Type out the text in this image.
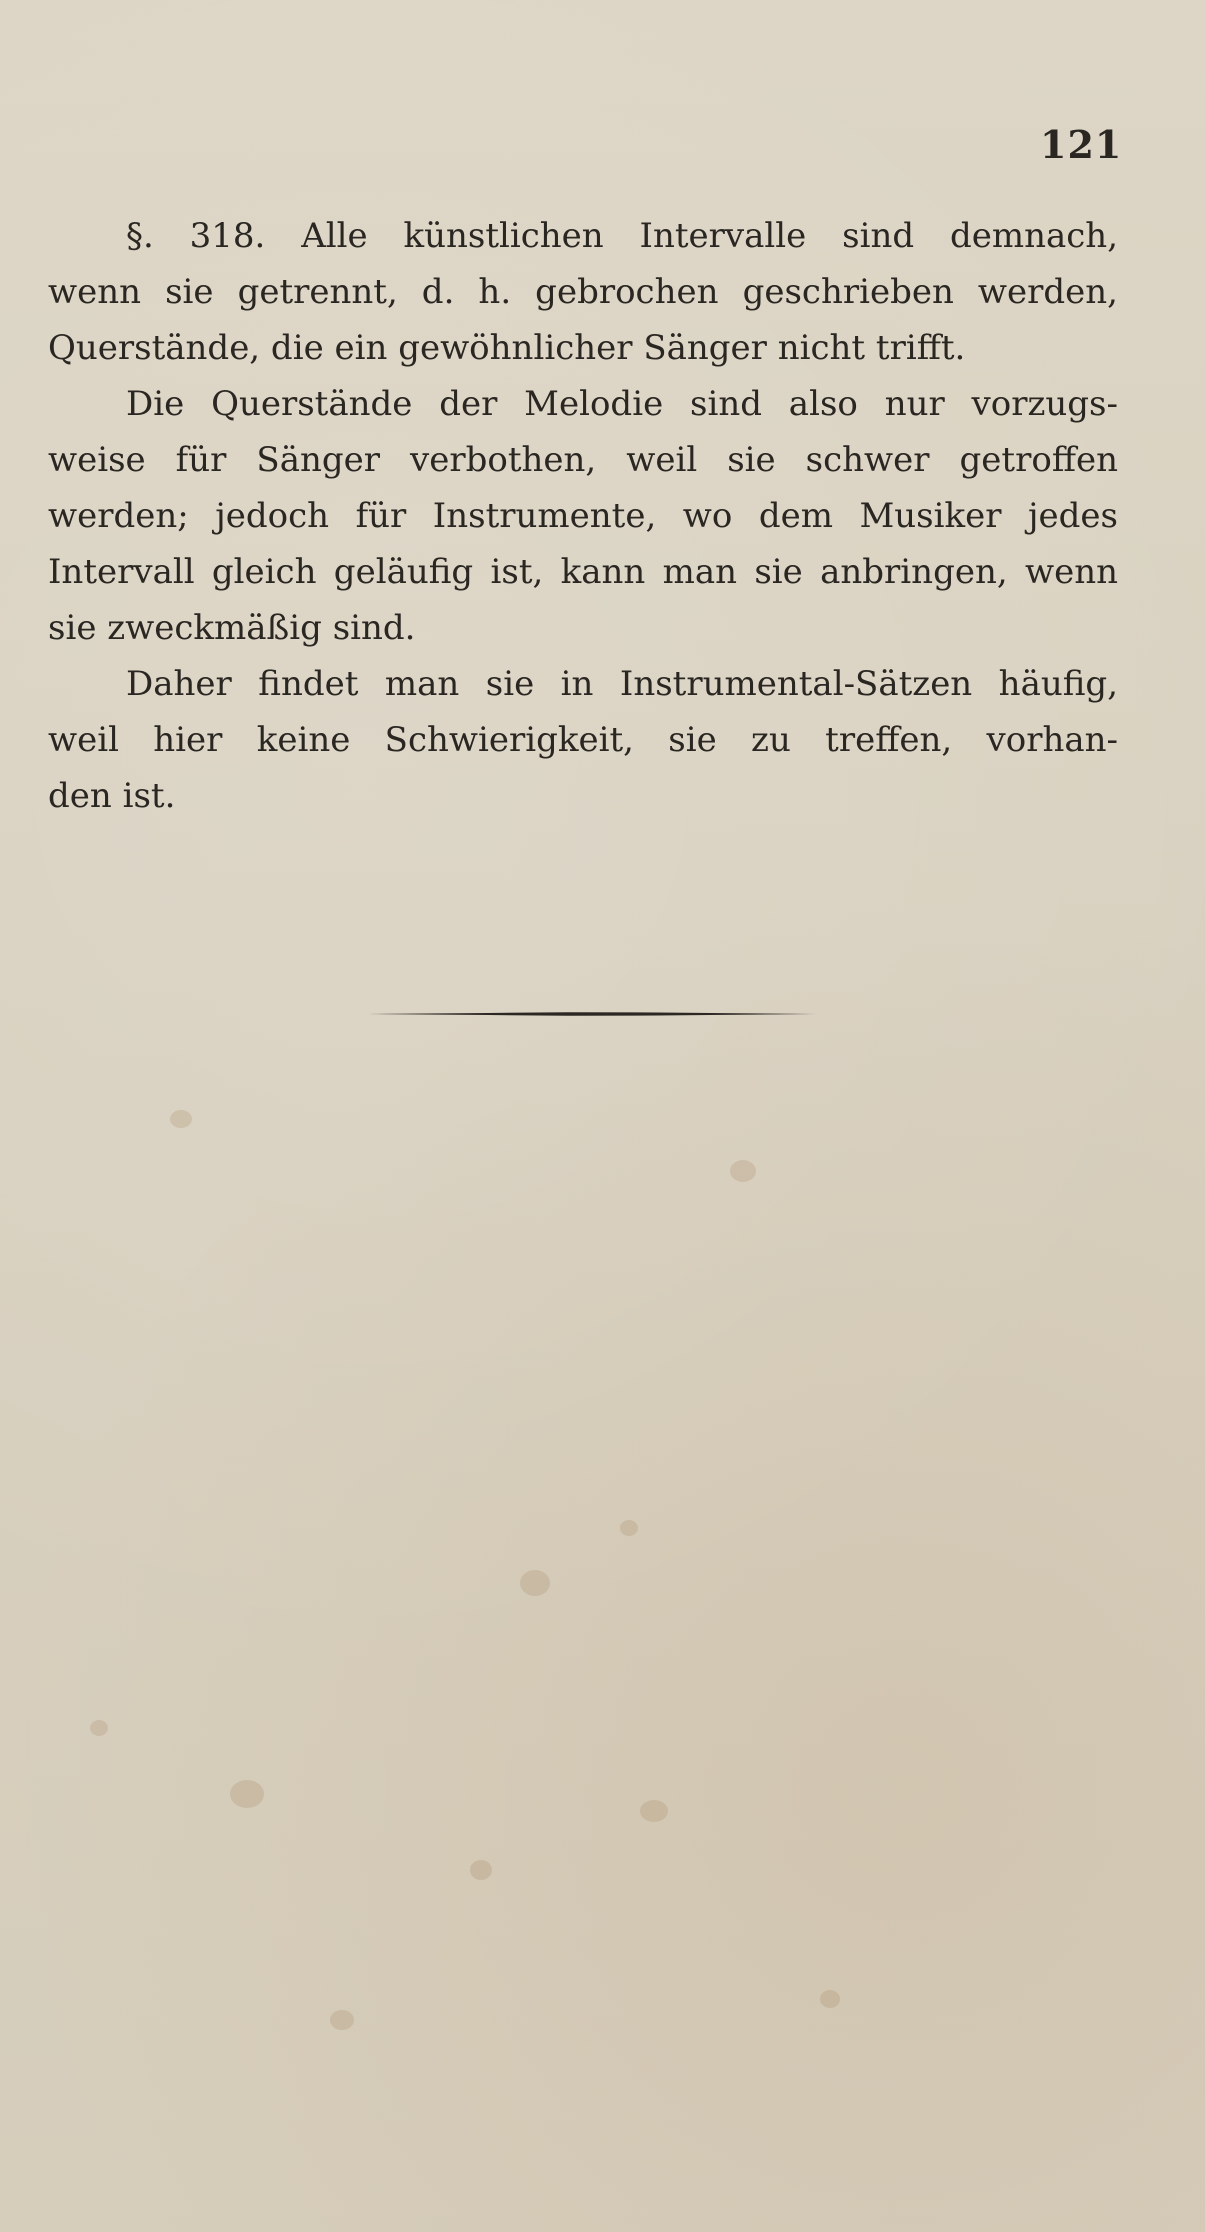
121

§. 318. Alle künstlichen Intervalle sind demnach,
wenn sie getrennt, d. h. gebrochen geschrieben werden,
Querstände, die ein gewöhnlicher Sänger nicht trifft.

Die Querstände der Melodie sind also nur vorzugs-
weise für Sänger verbothen, weil sie schwer getroffen
werden; jedoch für Instrumente, wo dem Musiker jedes
Intervall gleich geläufig ist, kann man sie anbringen, wenn
sie zweckmäßig sind.

Daher findet man sie in Instrumental-Sätzen häufig,
weil hier keine Schwierigkeit, sie zu treffen, vorhan-
den ist.
